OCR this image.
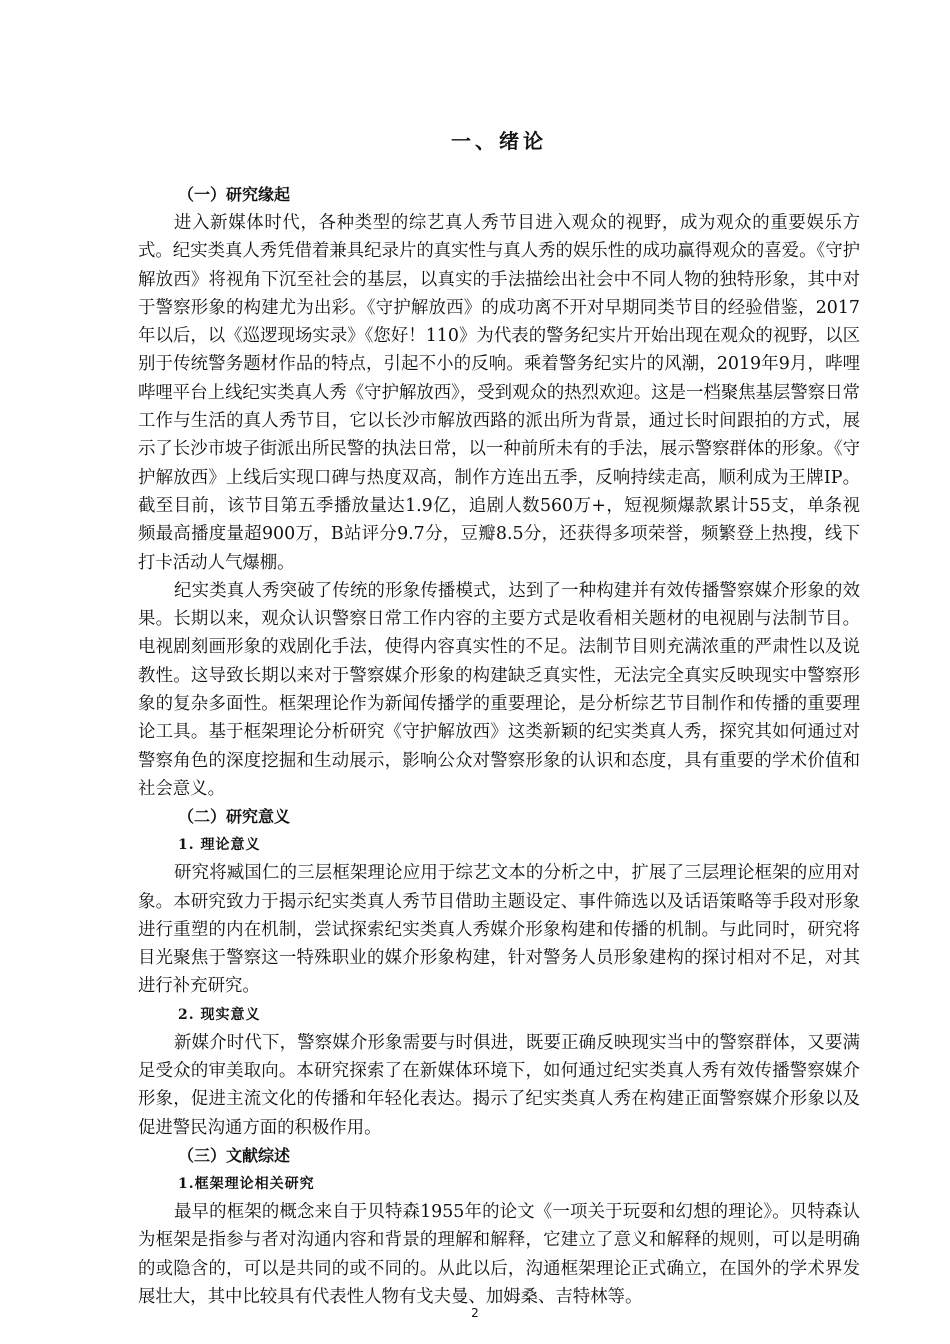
一、绪论
（一）研究缘起

进入新媒体时代，各种类型的综艺真人秀节目进入观众的视野，成为观众的重要娱乐方式。纪实类真人秀凭借着兼具纪录片的真实性与真人秀的娱乐性的成功赢得观众的喜爱。《守护解放西》将视角下沉至社会的基层，以真实的手法描绘出社会中不同人物的独特形象，其中对于警察形象的构建尤为出彩。《守护解放西》的成功离不开对早期同类节目的经验借鉴，2017年以后，以《巡逻现场实录》《您好！110》为代表的警务纪实片开始出现在观众的视野，以区别于传统警务题材作品的特点，引起不小的反响。乘着警务纪实片的风潮，2019年9月，哔哩哔哩平台上线纪实类真人秀《守护解放西》，受到观众的热烈欢迎。这是一档聚焦基层警察日常工作与生活的真人秀节目，它以长沙市解放西路的派出所为背景，通过长时间跟拍的方式，展示了长沙市坡子街派出所民警的执法日常，以一种前所未有的手法，展示警察群体的形象。《守护解放西》上线后实现口碑与热度双高，制作方连出五季，反响持续走高，顺利成为王牌IP。截至目前，该节目第五季播放量达1.9亿，追剧人数560万+，短视频爆款累计55支，单条视频最高播度量超900万，B站评分9.7分，豆瓣8.5分，还获得多项荣誉，频繁登上热搜，线下打卡活动人气爆棚。

纪实类真人秀突破了传统的形象传播模式，达到了一种构建并有效传播警察媒介形象的效果。长期以来，观众认识警察日常工作内容的主要方式是收看相关题材的电视剧与法制节目。电视剧刻画形象的戏剧化手法，使得内容真实性的不足。法制节目则充满浓重的严肃性以及说教性。这导致长期以来对于警察媒介形象的构建缺乏真实性，无法完全真实反映现实中警察形象的复杂多面性。框架理论作为新闻传播学的重要理论，是分析综艺节目制作和传播的重要理论工具。基于框架理论分析研究《守护解放西》这类新颖的纪实类真人秀，探究其如何通过对警察角色的深度挖掘和生动展示，影响公众对警察形象的认识和态度，具有重要的学术价值和社会意义。

（二）研究意义
1. 理论意义

研究将臧国仁的三层框架理论应用于综艺文本的分析之中，扩展了三层理论框架的应用对象。本研究致力于揭示纪实类真人秀节目借助主题设定、事件筛选以及话语策略等手段对形象进行重塑的内在机制，尝试探索纪实类真人秀媒介形象构建和传播的机制。与此同时，研究将目光聚焦于警察这一特殊职业的媒介形象构建，针对警务人员形象建构的探讨相对不足，对其进行补充研究。

2. 现实意义

新媒介时代下，警察媒介形象需要与时俱进，既要正确反映现实当中的警察群体，又要满足受众的审美取向。本研究探索了在新媒体环境下，如何通过纪实类真人秀有效传播警察媒介形象，促进主流文化的传播和年轻化表达。揭示了纪实类真人秀在构建正面警察媒介形象以及促进警民沟通方面的积极作用。

（三）文献综述
1.框架理论相关研究

最早的框架的概念来自于贝特森1955年的论文《一项关于玩耍和幻想的理论》。贝特森认为框架是指参与者对沟通内容和背景的理解和解释，它建立了意义和解释的规则，可以是明确的或隐含的，可以是共同的或不同的。从此以后，沟通框架理论正式确立，在国外的学术界发展壮大，其中比较具有代表性人物有戈夫曼、加姆桑、吉特林等。

2
